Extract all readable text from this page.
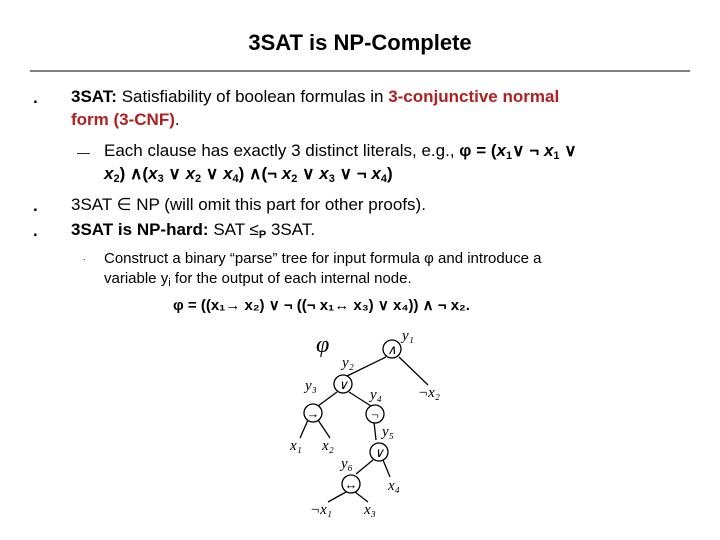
3SAT is NP-Complete
. 3SAT: Satisfiability of boolean formulas in 3-conjunctive normal
form (3-CNF).
— Each clause has exactly 3 distinct literals, e.g., $\varphi = (x_1\vee$ ¬ $x_1$ ∨
$x_2$) $\wedge(x_3$ ∨ $x_2$ ∨ $x_4$) ∧(¬ $x_2$ ∨ $x_3$ ∨ ¬ $x_4$)
. 3SAT ∈ NP (will omit this part for other proofs).
. 3SAT is NP-hard: SAT $\le_P$ 3SAT.
. Construct a binary “parse” tree for input formula φ and introduce a
variable $y_i$ for the output of each internal node.
φ = ((x₁→ x₂) ∨ ¬ ((¬ x₁↔ x₃) ∨ x₄)) ∧ ¬ x₂.
∧
∨
→	¬
∨
↔
φ	y₁
y₂
y₃
y₄
y₅
y₆
¬x₂
x₁ x₂
x₄
¬x₁ x₃
